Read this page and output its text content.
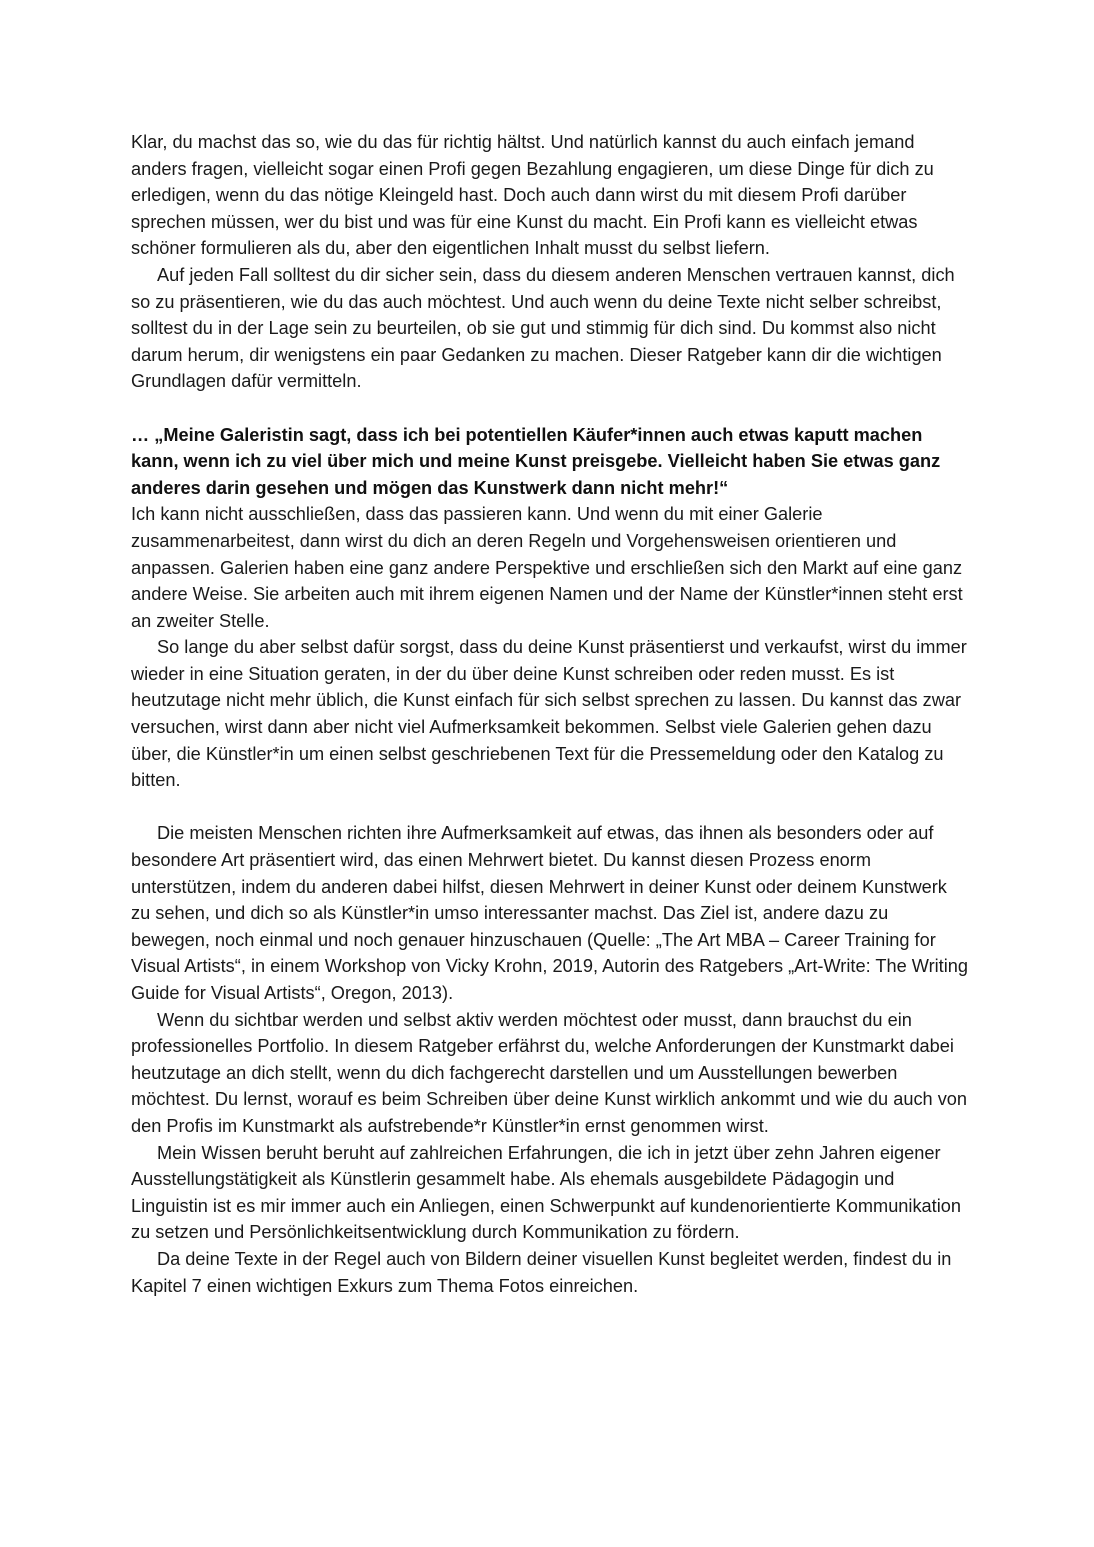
Klar, du machst das so, wie du das für richtig hältst. Und natürlich kannst du auch einfach jemand anders fragen, vielleicht sogar einen Profi gegen Bezahlung engagieren, um diese Dinge für dich zu erledigen, wenn du das nötige Kleingeld hast. Doch auch dann wirst du mit diesem Profi darüber sprechen müssen, wer du bist und was für eine Kunst du macht. Ein Profi kann es vielleicht etwas schöner formulieren als du, aber den eigentlichen Inhalt musst du selbst liefern.

Auf jeden Fall solltest du dir sicher sein, dass du diesem anderen Menschen vertrauen kannst, dich so zu präsentieren, wie du das auch möchtest. Und auch wenn du deine Texte nicht selber schreibst, solltest du in der Lage sein zu beurteilen, ob sie gut und stimmig für dich sind. Du kommst also nicht darum herum, dir wenigstens ein paar Gedanken zu machen. Dieser Ratgeber kann dir die wichtigen Grundlagen dafür vermitteln.

… „Meine Galeristin sagt, dass ich bei potentiellen Käufer*innen auch etwas kaputt machen kann, wenn ich zu viel über mich und meine Kunst preisgebe. Vielleicht haben Sie etwas ganz anderes darin gesehen und mögen das Kunstwerk dann nicht mehr!“

Ich kann nicht ausschließen, dass das passieren kann. Und wenn du mit einer Galerie zusammenarbeitest, dann wirst du dich an deren Regeln und Vorgehensweisen orientieren und anpassen. Galerien haben eine ganz andere Perspektive und erschließen sich den Markt auf eine ganz andere Weise. Sie arbeiten auch mit ihrem eigenen Namen und der Name der Künstler*innen steht erst an zweiter Stelle.

So lange du aber selbst dafür sorgst, dass du deine Kunst präsentierst und verkaufst, wirst du immer wieder in eine Situation geraten, in der du über deine Kunst schreiben oder reden musst. Es ist heutzutage nicht mehr üblich, die Kunst einfach für sich selbst sprechen zu lassen. Du kannst das zwar versuchen, wirst dann aber nicht viel Aufmerksamkeit bekommen. Selbst viele Galerien gehen dazu über, die Künstler*in um einen selbst geschriebenen Text für die Pressemeldung oder den Katalog zu bitten.

Die meisten Menschen richten ihre Aufmerksamkeit auf etwas, das ihnen als besonders oder auf besondere Art präsentiert wird, das einen Mehrwert bietet. Du kannst diesen Prozess enorm unterstützen, indem du anderen dabei hilfst, diesen Mehrwert in deiner Kunst oder deinem Kunstwerk zu sehen, und dich so als Künstler*in umso interessanter machst. Das Ziel ist, andere dazu zu bewegen, noch einmal und noch genauer hinzuschauen (Quelle: „The Art MBA – Career Training for Visual Artists“, in einem Workshop von Vicky Krohn, 2019, Autorin des Ratgebers „Art-Write: The Writing Guide for Visual Artists“, Oregon, 2013).

Wenn du sichtbar werden und selbst aktiv werden möchtest oder musst, dann brauchst du ein professionelles Portfolio. In diesem Ratgeber erfährst du, welche Anforderungen der Kunstmarkt dabei heutzutage an dich stellt, wenn du dich fachgerecht darstellen und um Ausstellungen bewerben möchtest. Du lernst, worauf es beim Schreiben über deine Kunst wirklich ankommt und wie du auch von den Profis im Kunstmarkt als aufstrebende*r Künstler*in ernst genommen wirst.

Mein Wissen beruht beruht auf zahlreichen Erfahrungen, die ich in jetzt über zehn Jahren eigener Ausstellungstätigkeit als Künstlerin gesammelt habe. Als ehemals ausgebildete Pädagogin und Linguistin ist es mir immer auch ein Anliegen, einen Schwerpunkt auf kundenorientierte Kommunikation zu setzen und Persönlichkeitsentwicklung durch Kommunikation zu fördern.

Da deine Texte in der Regel auch von Bildern deiner visuellen Kunst begleitet werden, findest du in Kapitel 7 einen wichtigen Exkurs zum Thema Fotos einreichen.
